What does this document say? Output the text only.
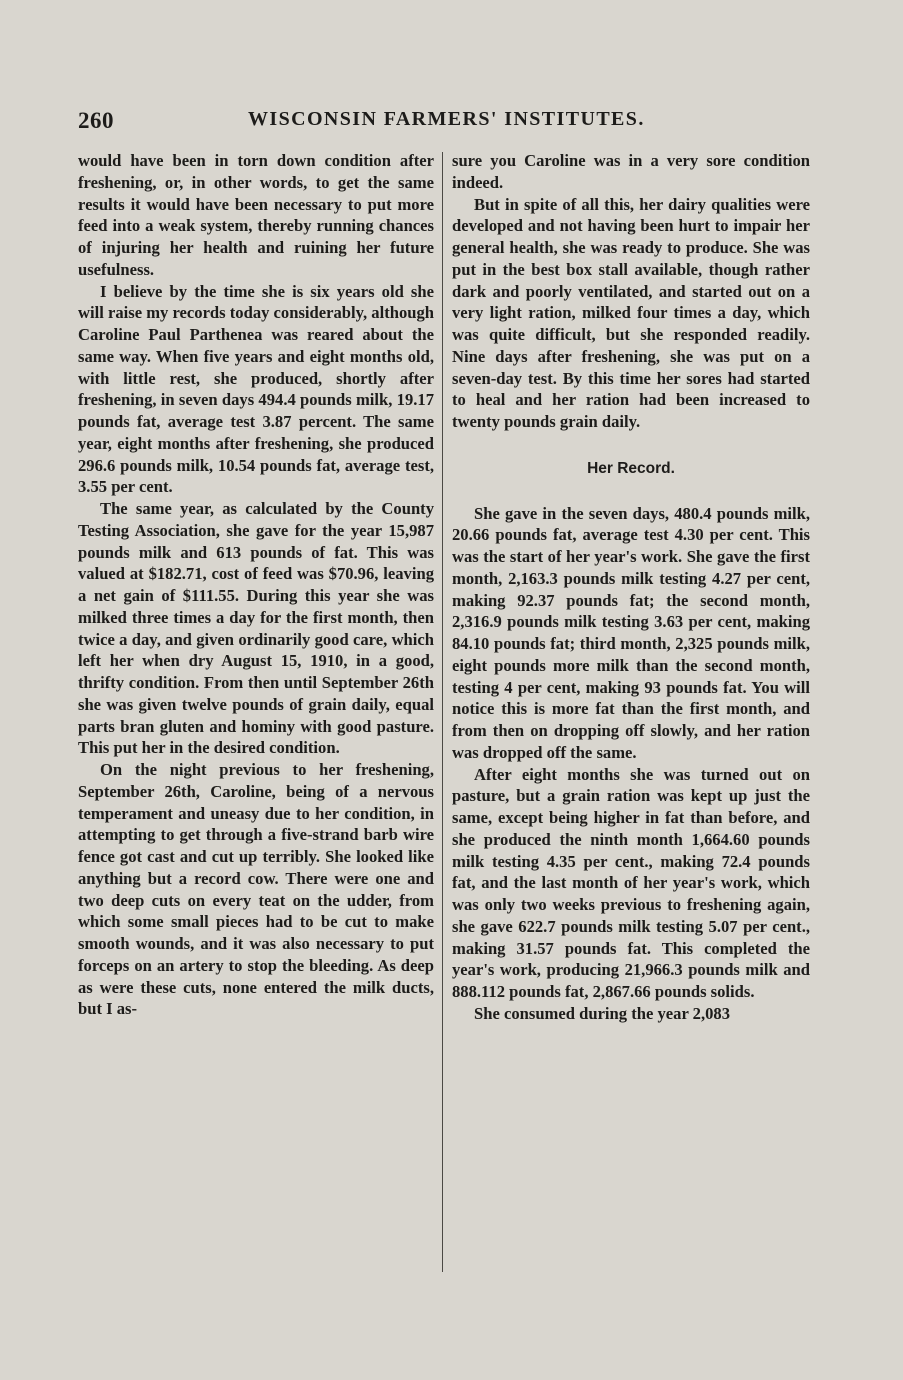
260	WISCONSIN FARMERS' INSTITUTES.

would have been in torn down condition after freshening, or, in other words, to get the same results it would have been necessary to put more feed into a weak system, thereby running chances of injuring her health and ruining her future usefulness.

I believe by the time she is six years old she will raise my records today considerably, although Caroline Paul Parthenea was reared about the same way. When five years and eight months old, with little rest, she produced, shortly after freshening, in seven days 494.4 pounds milk, 19.17 pounds fat, average test 3.87 percent. The same year, eight months after freshening, she produced 296.6 pounds milk, 10.54 pounds fat, average test, 3.55 per cent.

The same year, as calculated by the County Testing Association, she gave for the year 15,987 pounds milk and 613 pounds of fat. This was valued at $182.71, cost of feed was $70.96, leaving a net gain of $111.55. During this year she was milked three times a day for the first month, then twice a day, and given ordinarily good care, which left her when dry August 15, 1910, in a good, thrifty condition. From then until September 26th she was given twelve pounds of grain daily, equal parts bran gluten and hominy with good pasture. This put her in the desired condition.

On the night previous to her freshening, September 26th, Caroline, being of a nervous temperament and uneasy due to her condition, in attempting to get through a five-strand barb wire fence got cast and cut up terribly. She looked like anything but a record cow. There were one and two deep cuts on every teat on the udder, from which some small pieces had to be cut to make smooth wounds, and it was also necessary to put forceps on an artery to stop the bleeding. As deep as were these cuts, none entered the milk ducts, but I as-

sure you Caroline was in a very sore condition indeed.

But in spite of all this, her dairy qualities were developed and not having been hurt to impair her general health, she was ready to produce. She was put in the best box stall available, though rather dark and poorly ventilated, and started out on a very light ration, milked four times a day, which was quite difficult, but she responded readily. Nine days after freshening, she was put on a seven-day test. By this time her sores had started to heal and her ration had been increased to twenty pounds grain daily.

Her Record.

She gave in the seven days, 480.4 pounds milk, 20.66 pounds fat, average test 4.30 per cent. This was the start of her year's work. She gave the first month, 2,163.3 pounds milk testing 4.27 per cent, making 92.37 pounds fat; the second month, 2,316.9 pounds milk testing 3.63 per cent, making 84.10 pounds fat; third month, 2,325 pounds milk, eight pounds more milk than the second month, testing 4 per cent, making 93 pounds fat. You will notice this is more fat than the first month, and from then on dropping off slowly, and her ration was dropped off the same.

After eight months she was turned out on pasture, but a grain ration was kept up just the same, except being higher in fat than before, and she produced the ninth month 1,664.60 pounds milk testing 4.35 per cent., making 72.4 pounds fat, and the last month of her year's work, which was only two weeks previous to freshening again, she gave 622.7 pounds milk testing 5.07 per cent., making 31.57 pounds fat. This completed the year's work, producing 21,966.3 pounds milk and 888.112 pounds fat, 2,867.66 pounds solids.

She consumed during the year 2,083
